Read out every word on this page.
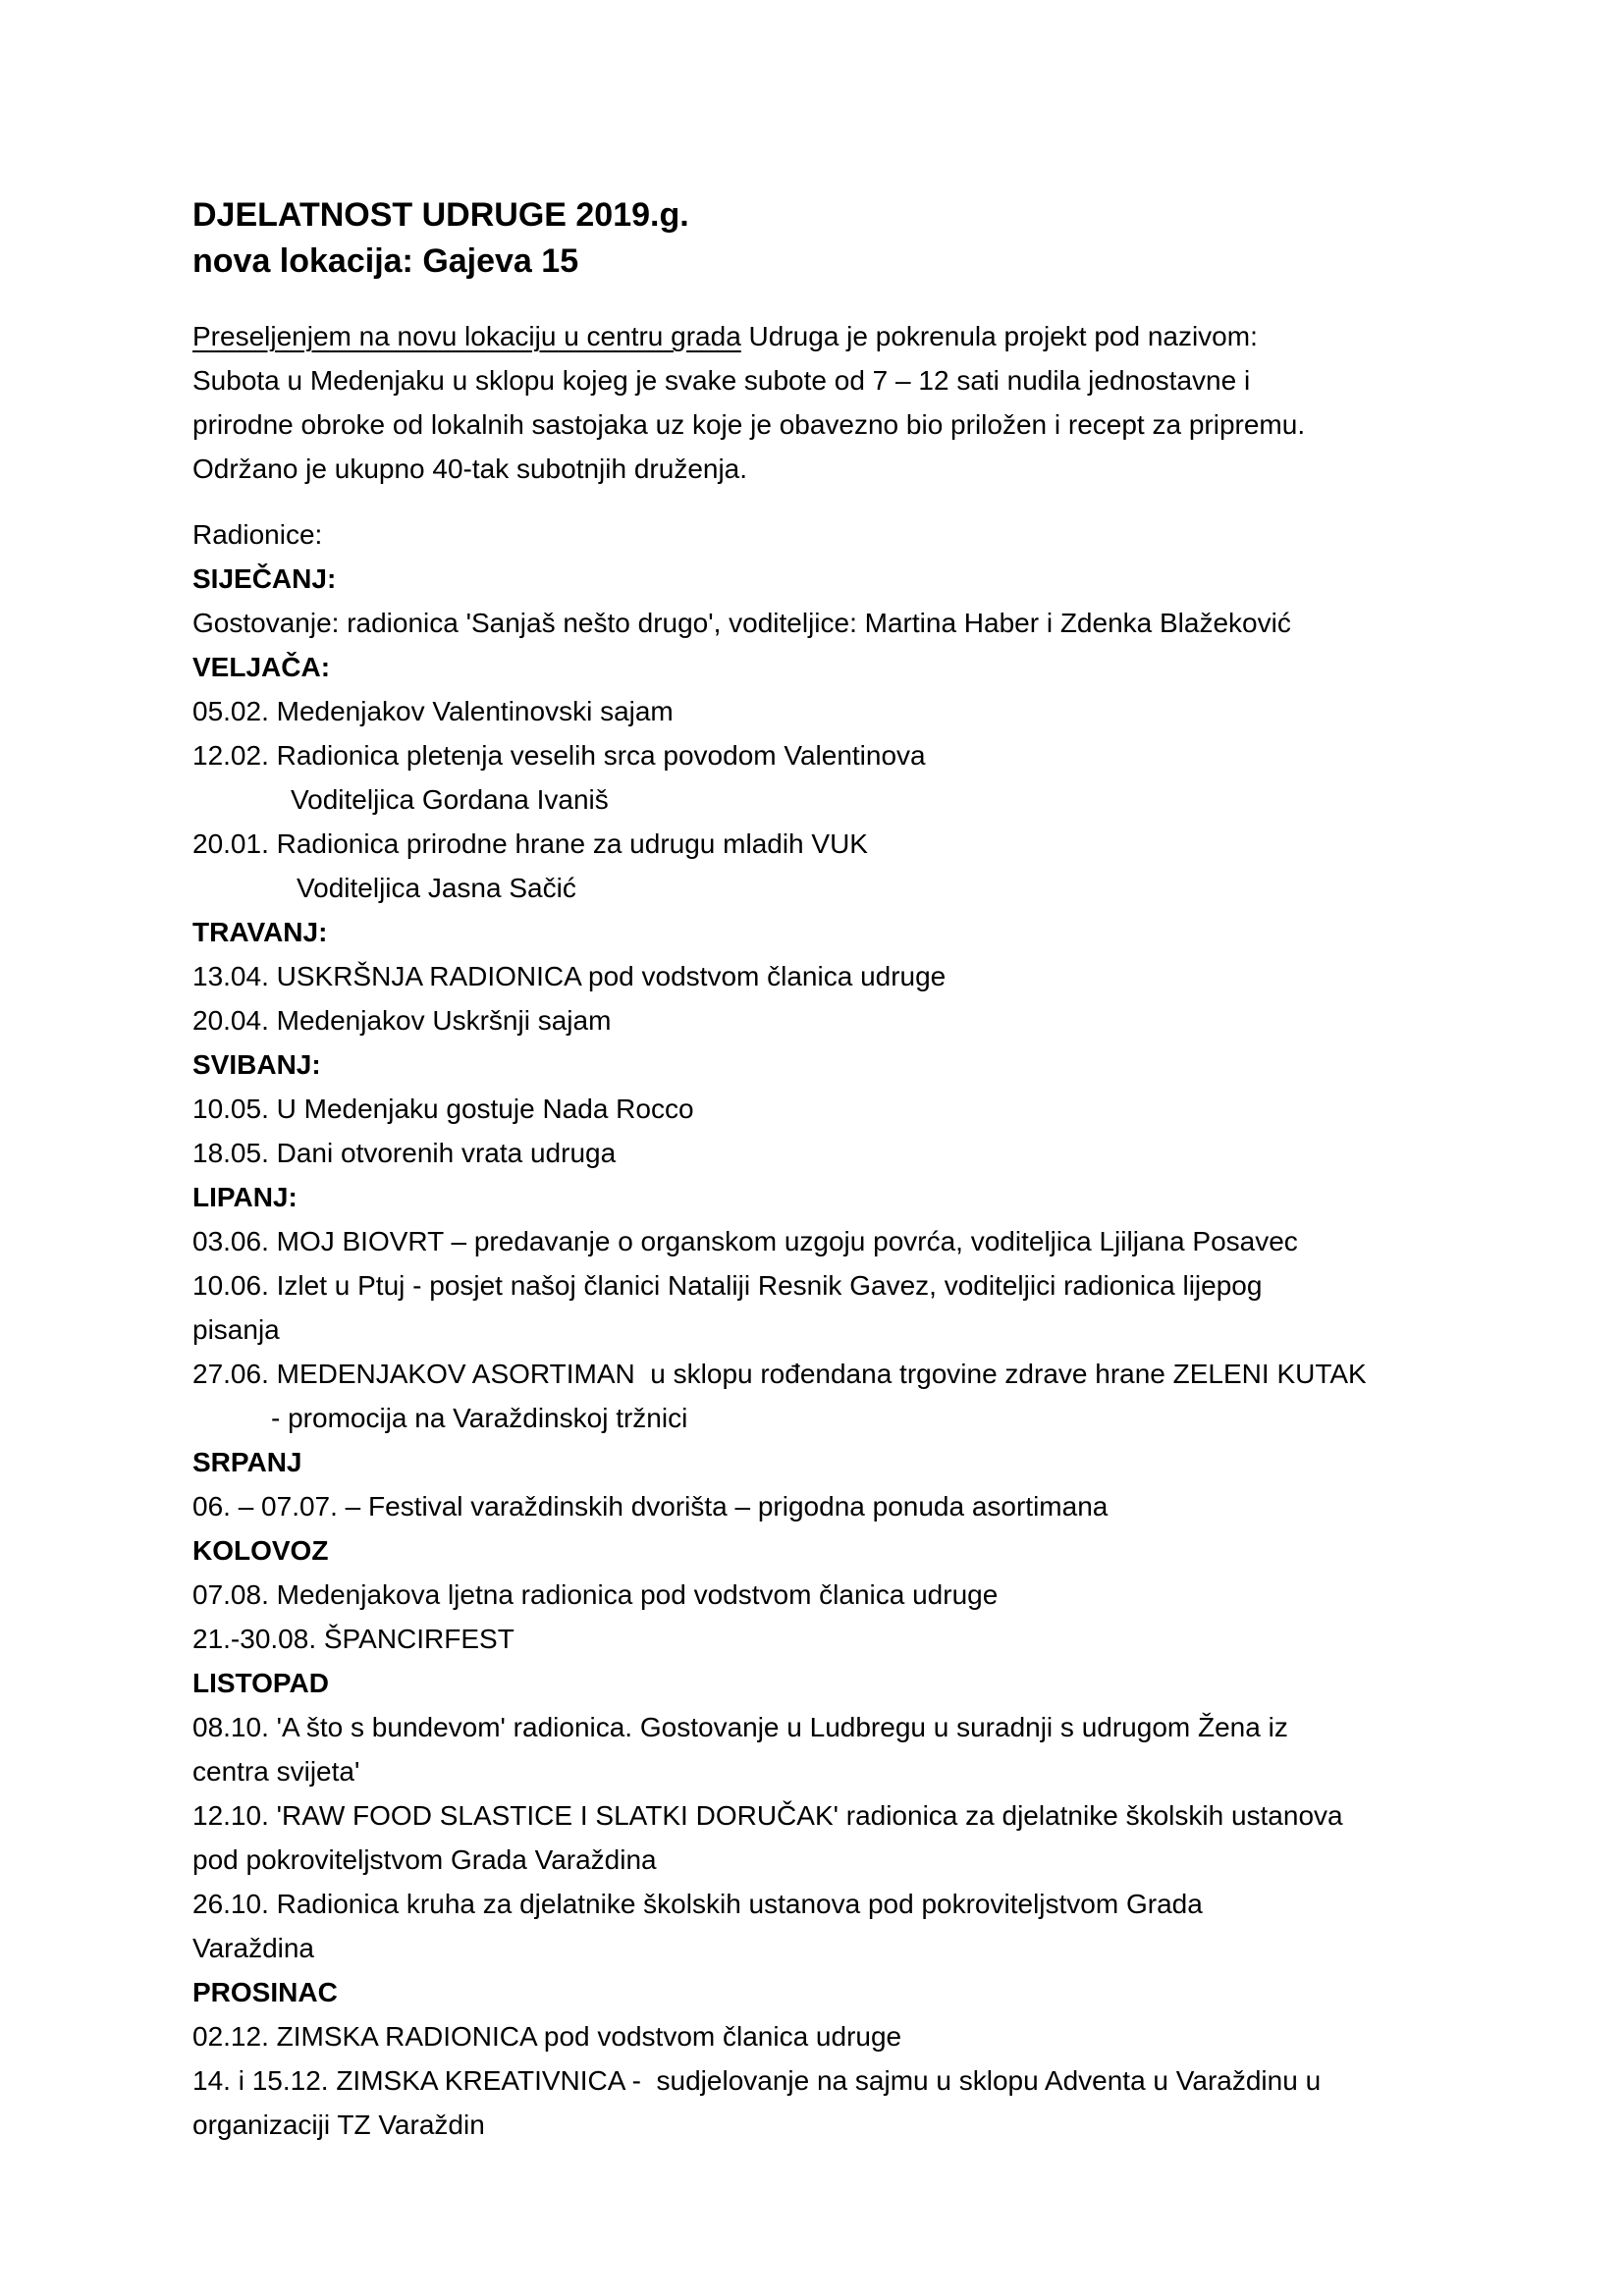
DJELATNOST UDRUGE 2019.g.

nova lokacija: Gajeva 15

Preseljenjem na novu lokaciju u centru grada Udruga je pokrenula projekt pod nazivom:

Subota u Medenjaku u sklopu kojeg je svake subote od 7 – 12 sati nudila jednostavne i

prirodne obroke od lokalnih sastojaka uz koje je obavezno bio priložen i recept za pripremu.

Održano je ukupno 40-tak subotnjih druženja.

Radionice:

SIJEČANJ:

Gostovanje: radionica 'Sanjaš nešto drugo', voditeljice: Martina Haber i Zdenka Blažeković

VELJAČA:

05.02. Medenjakov Valentinovski sajam

12.02. Radionica pletenja veselih srca povodom Valentinova

Voditeljica Gordana Ivaniš

20.01. Radionica prirodne hrane za udrugu mladih VUK

Voditeljica Jasna Sačić

TRAVANJ:

13.04. USKRŠNJA RADIONICA pod vodstvom članica udruge

20.04. Medenjakov Uskršnji sajam

SVIBANJ:

10.05. U Medenjaku gostuje Nada Rocco

18.05. Dani otvorenih vrata udruga

LIPANJ:

03.06. MOJ BIOVRT – predavanje o organskom uzgoju povrća, voditeljica Ljiljana Posavec

10.06. Izlet u Ptuj - posjet našoj članici Nataliji Resnik Gavez, voditeljici radionica lijepog

pisanja

27.06. MEDENJAKOV ASORTIMAN  u sklopu rođendana trgovine zdrave hrane ZELENI KUTAK

- promocija na Varaždinskoj tržnici

SRPANJ

06. – 07.07. – Festival varaždinskih dvorišta – prigodna ponuda asortimana

KOLOVOZ

07.08. Medenjakova ljetna radionica pod vodstvom članica udruge

21.-30.08. ŠPANCIRFEST

LISTOPAD

08.10. 'A što s bundevom' radionica. Gostovanje u Ludbregu u suradnji s udrugom Žena iz

centra svijeta'

12.10. 'RAW FOOD SLASTICE I SLATKI DORUČAK' radionica za djelatnike školskih ustanova

pod pokroviteljstvom Grada Varaždina

26.10. Radionica kruha za djelatnike školskih ustanova pod pokroviteljstvom Grada

Varaždina

PROSINAC

02.12. ZIMSKA RADIONICA pod vodstvom članica udruge

14. i 15.12. ZIMSKA KREATIVNICA -  sudjelovanje na sajmu u sklopu Adventa u Varaždinu u

organizaciji TZ Varaždin
